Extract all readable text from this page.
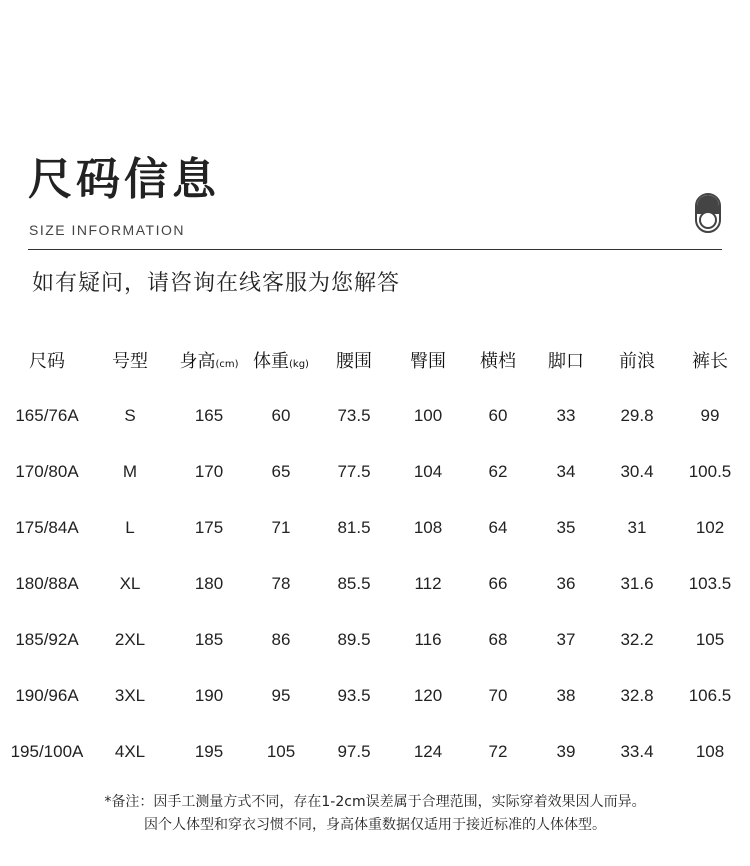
尺码信息
SIZE INFORMATION
如有疑问，请咨询在线客服为您解答
尺码	号型	身高(cm)	体重(kg)	腰围	臀围	横档	脚口	前浪	裤长
165/76A	S	165	60	73.5	100	60	33	29.8	99
170/80A	M	170	65	77.5	104	62	34	30.4	100.5
175/84A	L	175	71	81.5	108	64	35	31	102
180/88A	XL	180	78	85.5	112	66	36	31.6	103.5
185/92A	2XL	185	86	89.5	116	68	37	32.2	105
190/96A	3XL	190	95	93.5	120	70	38	32.8	106.5
195/100A	4XL	195	105	97.5	124	72	39	33.4	108
*备注：因手工测量方式不同，存在1-2cm误差属于合理范围，实际穿着效果因人而异。
因个人体型和穿衣习惯不同，身高体重数据仅适用于接近标准的人体体型。
